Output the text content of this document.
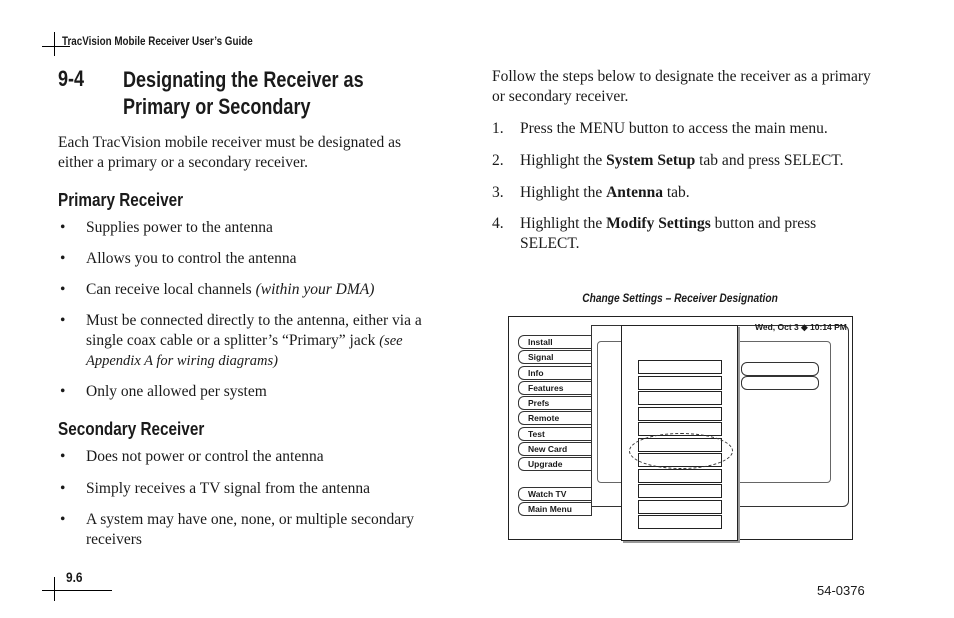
TracVision Mobile Receiver User’s Guide
9-4 Designating the Receiver as
Primary or Secondary
Each TracVision mobile receiver must be designated as either a primary or a secondary receiver.
Primary Receiver
• Supplies power to the antenna
• Allows you to control the antenna
• Can receive local channels (within your DMA)
• Must be connected directly to the antenna, either via a single coax cable or a splitter’s “Primary” jack (see Appendix A for wiring diagrams)
• Only one allowed per system
Secondary Receiver
• Does not power or control the antenna
• Simply receives a TV signal from the antenna
• A system may have one, none, or multiple secondary receivers
Follow the steps below to designate the receiver as a primary or secondary receiver.
1. Press the MENU button to access the main menu.
2. Highlight the System Setup tab and press SELECT.
3. Highlight the Antenna tab.
4. Highlight the Modify Settings button and press SELECT.
Change Settings – Receiver Designation
Wed, Oct 3 ◆ 10:14 PM
Install
Signal
Info
Features
Prefs
Remote
Test
New Card
Upgrade
Watch TV
Main Menu
9.6
54-0376
